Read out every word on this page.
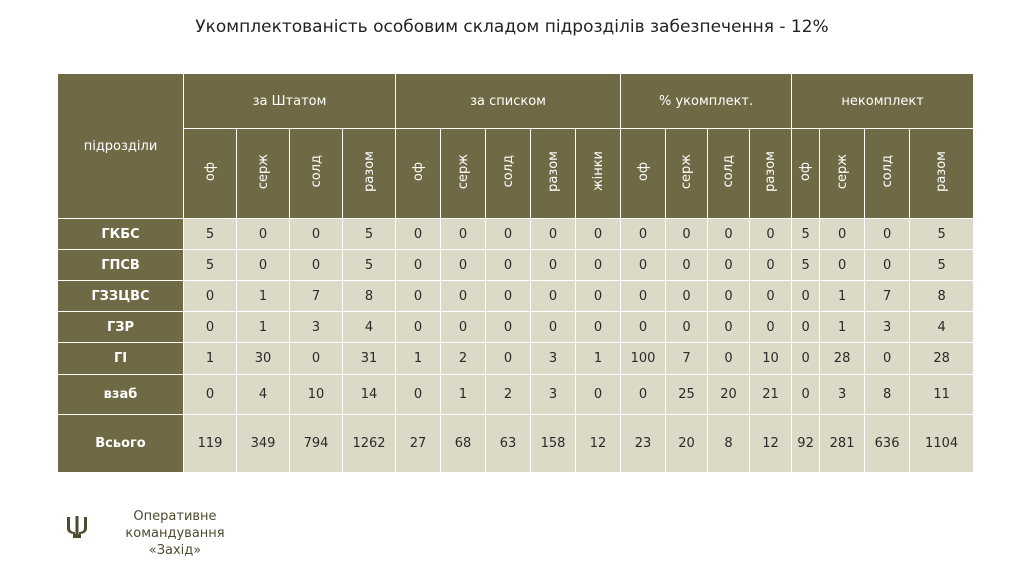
Укомплектованість особовим складом підрозділів забезпечення - 12%
підрозділи	за Штатом				за списком					% укомплект.				некомплект			
	оф	серж	солд	разом	оф	серж	солд	разом	жінки	оф	серж	солд	разом	оф	серж	солд	разом
ГКБС	5	0	0	5	0	0	0	0	0	0	0	0	0	5	0	0	5
ГПСВ	5	0	0	5	0	0	0	0	0	0	0	0	0	5	0	0	5
ГЗЗЦВС	0	1	7	8	0	0	0	0	0	0	0	0	0	0	1	7	8
ГЗР	0	1	3	4	0	0	0	0	0	0	0	0	0	0	1	3	4
ГІ	1	30	0	31	1	2	0	3	1	100	7	0	10	0	28	0	28
взаб	0	4	10	14	0	1	2	3	0	0	25	20	21	0	3	8	11
Всього	119	349	794	1262	27	68	63	158	12	23	20	8	12	92	281	636	1104
Оперативне
командування
«Захід»
